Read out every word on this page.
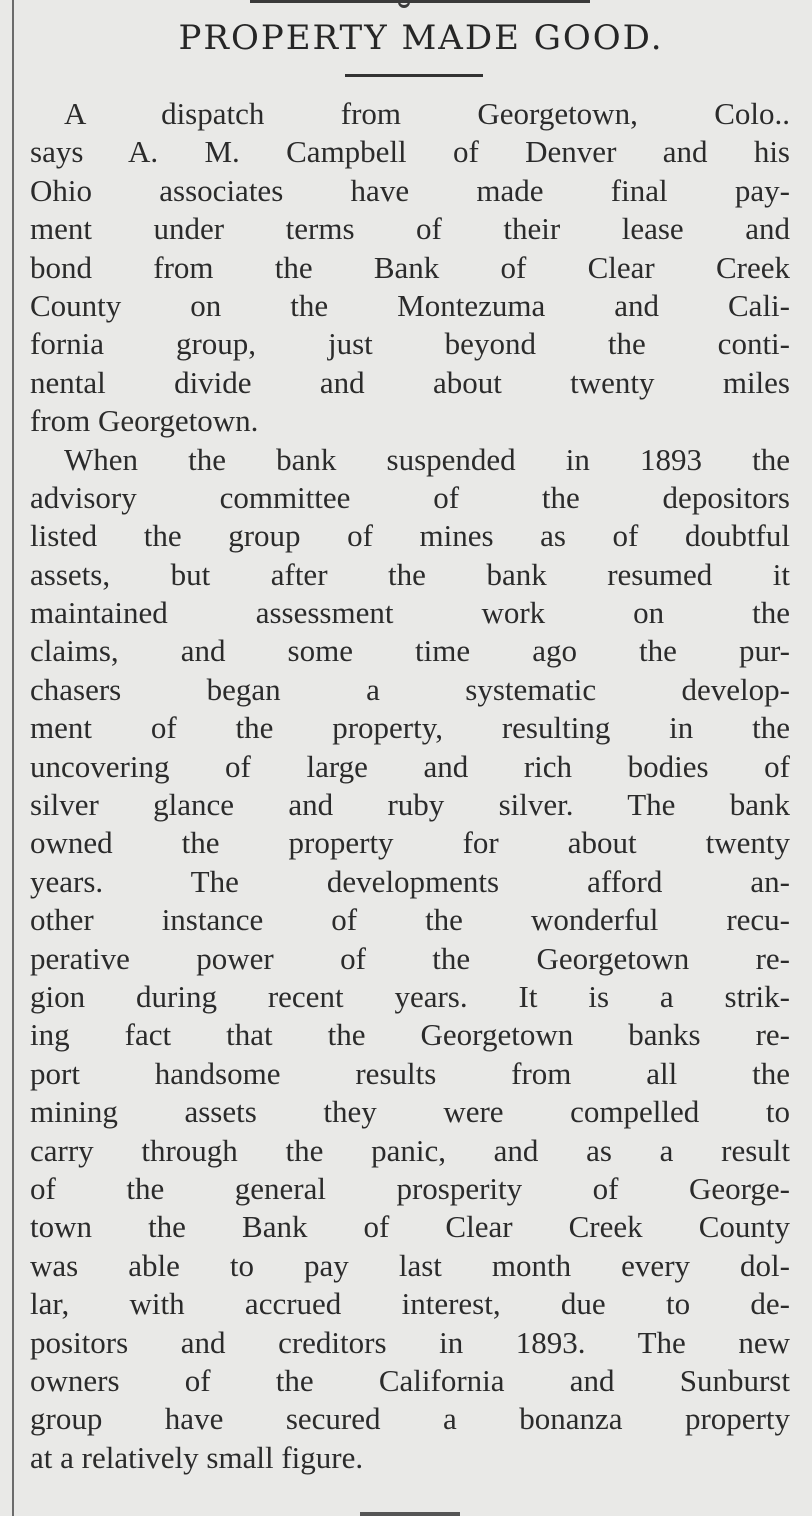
PROPERTY MADE GOOD.

A dispatch from Georgetown, Colo..
says A. M. Campbell of Denver and his
Ohio associates have made final pay-
ment under terms of their lease and
bond from the Bank of Clear Creek
County on the Montezuma and Cali-
fornia group, just beyond the conti-
nental divide and about twenty miles
from Georgetown.

When the bank suspended in 1893 the
advisory committee of the depositors
listed the group of mines as of doubtful
assets, but after the bank resumed it
maintained assessment work on the
claims, and some time ago the pur-
chasers began a systematic develop-
ment of the property, resulting in the
uncovering of large and rich bodies of
silver glance and ruby silver. The bank
owned the property for about twenty
years. The developments afford an-
other instance of the wonderful recu-
perative power of the Georgetown re-
gion during recent years. It is a strik-
ing fact that the Georgetown banks re-
port handsome results from all the
mining assets they were compelled to
carry through the panic, and as a result
of the general prosperity of George-
town the Bank of Clear Creek County
was able to pay last month every dol-
lar, with accrued interest, due to de-
positors and creditors in 1893. The new
owners of the California and Sunburst
group have secured a bonanza property
at a relatively small figure.
